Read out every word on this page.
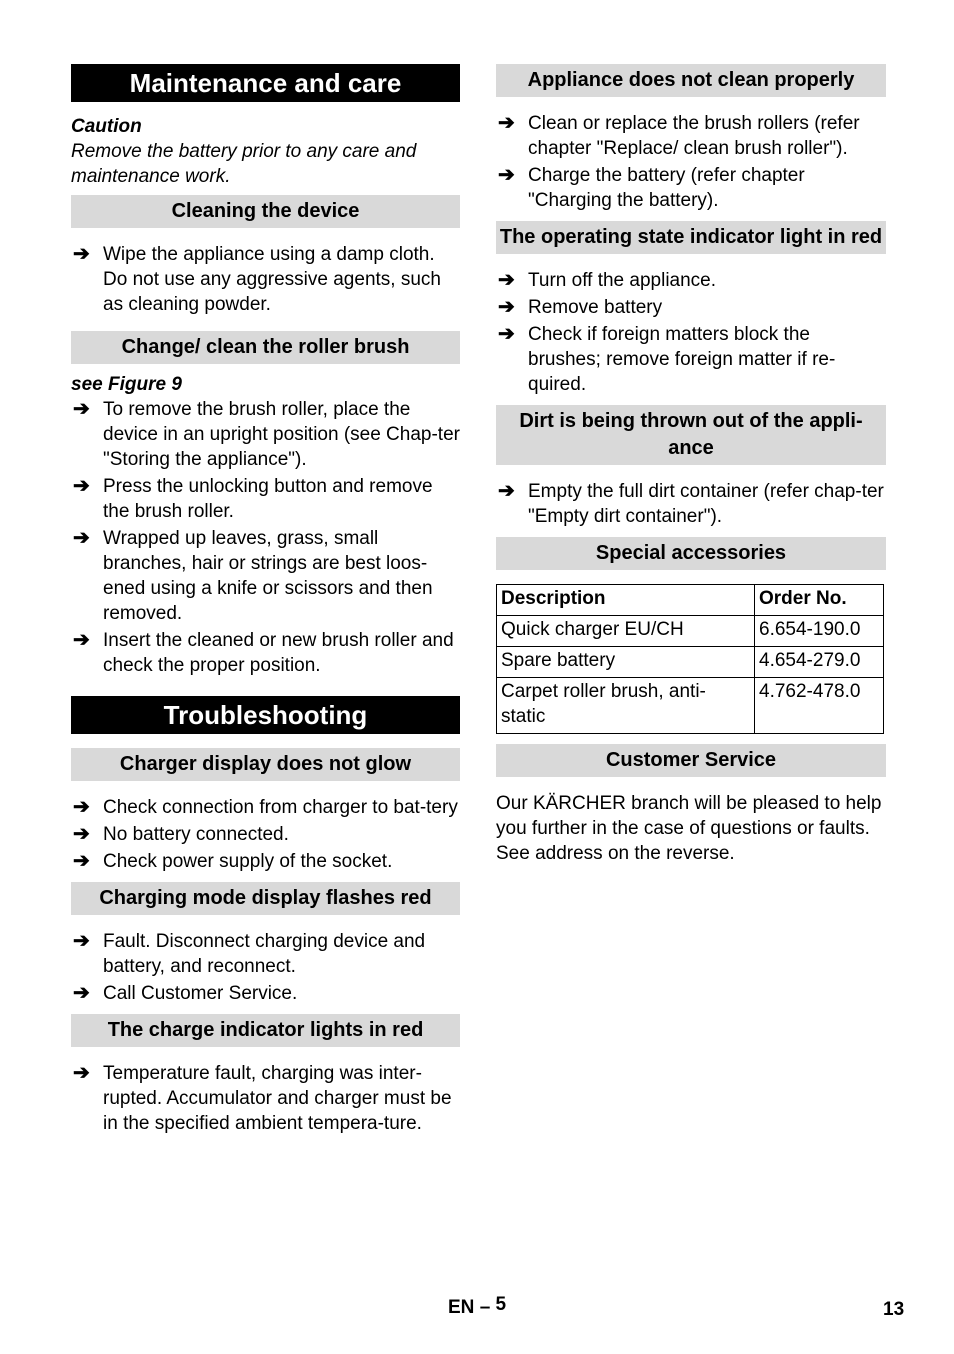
Maintenance and care

Caution

Remove the battery prior to any care and maintenance work.

Cleaning the device
➔ Wipe the appliance using a damp cloth. Do not use any aggressive agents, such as cleaning powder.
Change/ clean the roller brush

see Figure 9

➔ To remove the brush roller, place the device in an upright position (see Chap-ter "Storing the appliance").
➔ Press the unlocking button and remove the brush roller.
➔ Wrapped up leaves, grass, small branches, hair or strings are best loos-ened using a knife or scissors and then removed.
➔ Insert the cleaned or new brush roller and check the proper position.
Troubleshooting
Charger display does not glow
➔ Check connection from charger to bat-tery
➔ No battery connected.
➔ Check power supply of the socket.
Charging mode display flashes red
➔ Fault. Disconnect charging device and battery, and reconnect.
➔ Call Customer Service.
The charge indicator lights in red
➔ Temperature fault, charging was inter-rupted. Accumulator and charger must be in the specified ambient tempera-ture.
Appliance does not clean properly
➔ Clean or replace the brush rollers (refer chapter "Replace/ clean brush roller").
➔ Charge the battery (refer chapter "Charging the battery).
The operating state indicator light in red
➔ Turn off the appliance.
➔ Remove battery
➔ Check if foreign matters block the brushes; remove foreign matter if re-quired.
Dirt is being thrown out of the appli-ance
➔ Empty the full dirt container (refer chap-ter "Empty dirt container").
Special accessories
Description	Order No.
Quick charger EU/CH	6.654-190.0
Spare battery	4.654-279.0
Carpet roller brush, anti-static	4.762-478.0
Customer Service

Our KÄRCHER branch will be pleased to help you further in the case of questions or faults. See address on the reverse.

EN – 5	13
